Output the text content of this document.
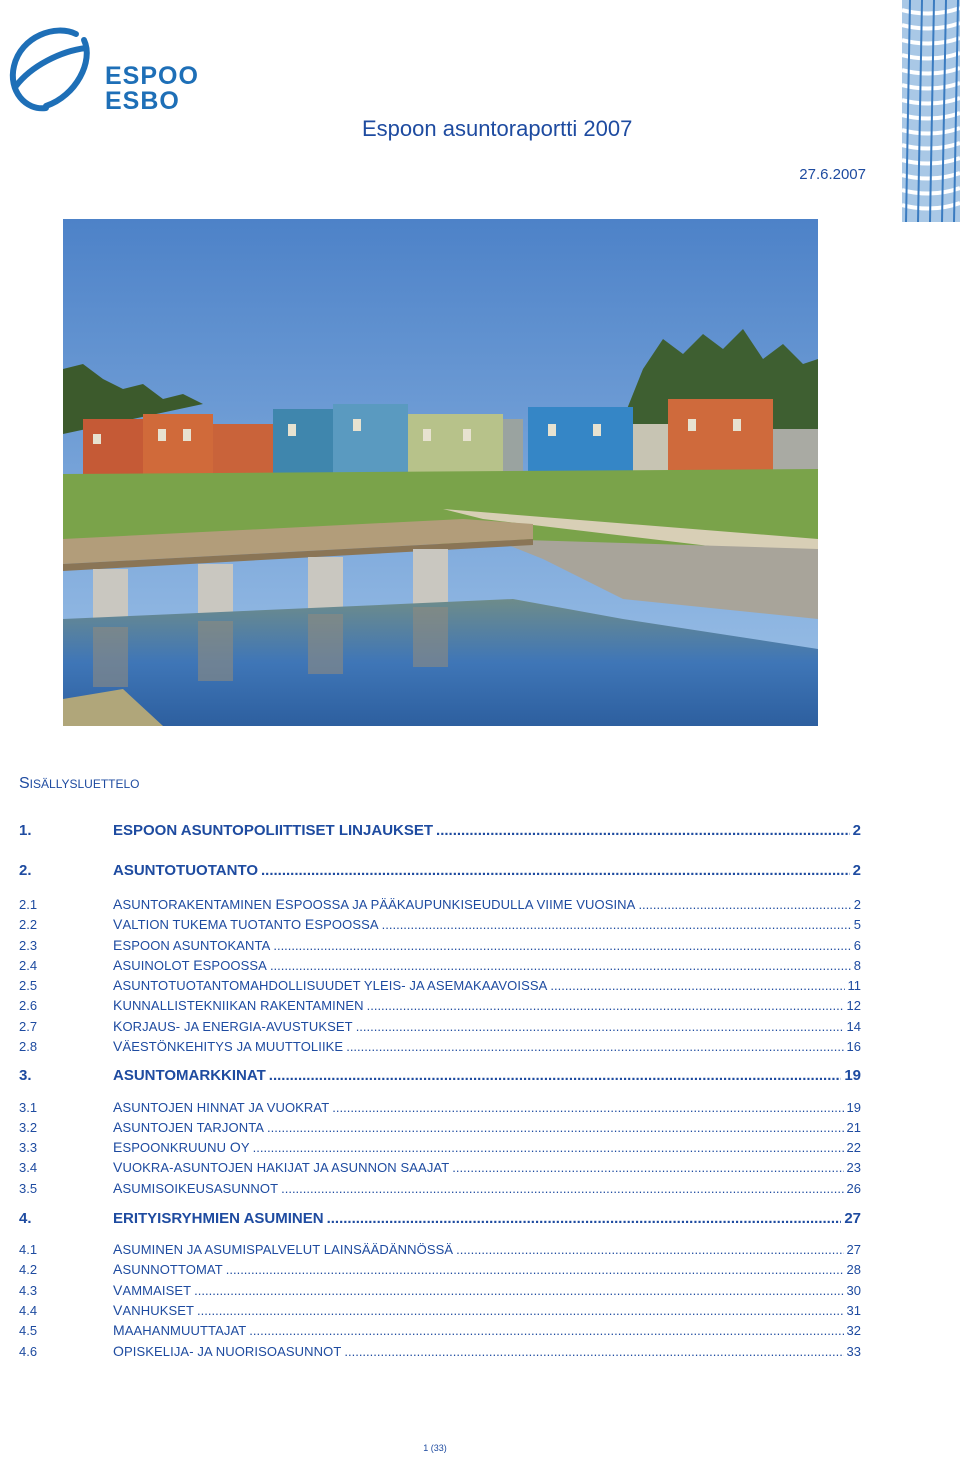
ESPOO
ESBO
Espoon asuntoraportti 2007
27.6.2007
SISÄLLYSLUETTELO
1.	ESPOON ASUNTOPOLIITTISET LINJAUKSET .....	2
2.	ASUNTOTUOTANTO .....	2
2.1	ASUNTORAKENTAMINEN ESPOOSSA JA PÄÄKAUPUNKISEUDULLA VIIME VUOSINA .....	2
2.2	VALTION TUKEMA TUOTANTO ESPOOSSA .....	5
2.3	ESPOON ASUNTOKANTA .....	6
2.4	ASUINOLOT ESPOOSSA .....	8
2.5	ASUNTOTUOTANTOMAHDOLLISUUDET YLEIS- JA ASEMAKAAVOISSA .....	11
2.6	KUNNALLISTEKNIIKAN RAKENTAMINEN .....	12
2.7	KORJAUS- JA ENERGIA-AVUSTUKSET .....	14
2.8	VÄESTÖNKEHITYS JA MUUTTOLIIKE .....	16
3.	ASUNTOMARKKINAT .....	19
3.1	ASUNTOJEN HINNAT JA VUOKRAT .....	19
3.2	ASUNTOJEN TARJONTA .....	21
3.3	ESPOONKRUUNU OY .....	22
3.4	VUOKRA-ASUNTOJEN HAKIJAT JA ASUNNON SAAJAT .....	23
3.5	ASUMISOIKEUSASUNNOT .....	26
4.	ERITYISRYHMIEN ASUMINEN .....	27
4.1	ASUMINEN JA ASUMISPALVELUT LAINSÄÄDÄNNÖSSÄ .....	27
4.2	ASUNNOTTOMAT .....	28
4.3	VAMMAISET .....	30
4.4	VANHUKSET .....	31
4.5	MAAHANMUUTTAJAT .....	32
4.6	OPISKELIJA- JA NUORISOASUNNOT .....	33
1 (33)
